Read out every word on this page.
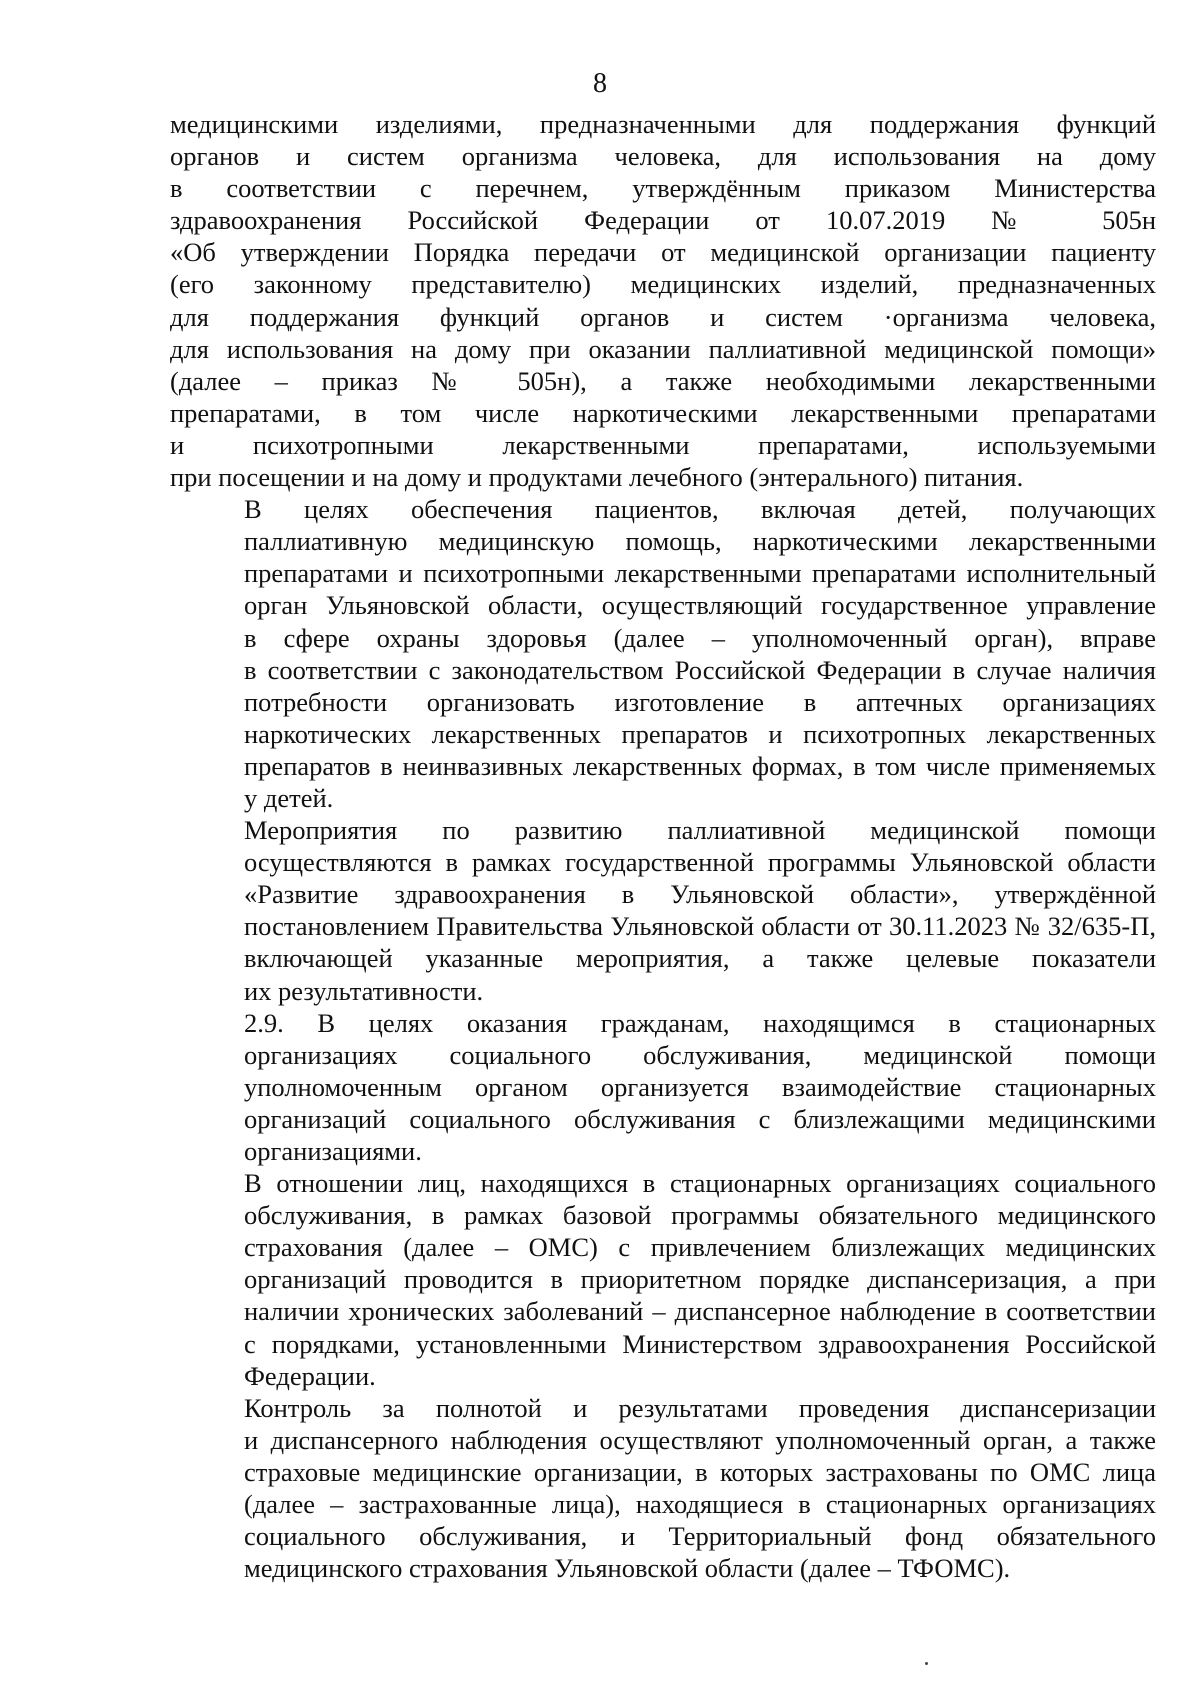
8
медицинскими изделиями, предназначенными для поддержания функций
органов и систем организма человека, для использования на дому
в соответствии с перечнем, утверждённым приказом Министерства
здравоохранения Российской Федерации от 10.07.2019 № 505н
«Об утверждении Порядка передачи от медицинской организации пациенту
(его законному представителю) медицинских изделий, предназначенных
для поддержания функций органов и систем ·организма человека,
для использования на дому при оказании паллиативной медицинской помощи»
(далее – приказ № 505н), а также необходимыми лекарственными
препаратами, в том числе наркотическими лекарственными препаратами
и психотропными лекарственными препаратами, используемыми
при посещении и на дому и продуктами лечебного (энтерального) питания.
В целях обеспечения пациентов, включая детей, получающих
паллиативную медицинскую помощь, наркотическими лекарственными
препаратами и психотропными лекарственными препаратами исполнительный
орган Ульяновской области, осуществляющий государственное управление
в сфере охраны здоровья (далее – уполномоченный орган), вправе
в соответствии с законодательством Российской Федерации в случае наличия
потребности организовать изготовление в аптечных организациях
наркотических лекарственных препаратов и психотропных лекарственных
препаратов в неинвазивных лекарственных формах, в том числе применяемых
у детей.
Мероприятия по развитию паллиативной медицинской помощи
осуществляются в рамках государственной программы Ульяновской области
«Развитие здравоохранения в Ульяновской области», утверждённой
постановлением Правительства Ульяновской области от 30.11.2023 № 32/635-П,
включающей указанные мероприятия, а также целевые показатели
их результативности.
2.9. В целях оказания гражданам, находящимся в стационарных
организациях социального обслуживания, медицинской помощи
уполномоченным органом организуется взаимодействие стационарных
организаций социального обслуживания с близлежащими медицинскими
организациями.
В отношении лиц, находящихся в стационарных организациях социального
обслуживания, в рамках базовой программы обязательного медицинского
страхования (далее – ОМС) с привлечением близлежащих медицинских
организаций проводится в приоритетном порядке диспансеризация, а при
наличии хронических заболеваний – диспансерное наблюдение в соответствии
с порядками, установленными Министерством здравоохранения Российской
Федерации.
Контроль за полнотой и результатами проведения диспансеризации
и диспансерного наблюдения осуществляют уполномоченный орган, а также
страховые медицинские организации, в которых застрахованы по ОМС лица
(далее – застрахованные лица), находящиеся в стационарных организациях
социального обслуживания, и Территориальный фонд обязательного
медицинского страхования Ульяновской области (далее – ТФОМС).
